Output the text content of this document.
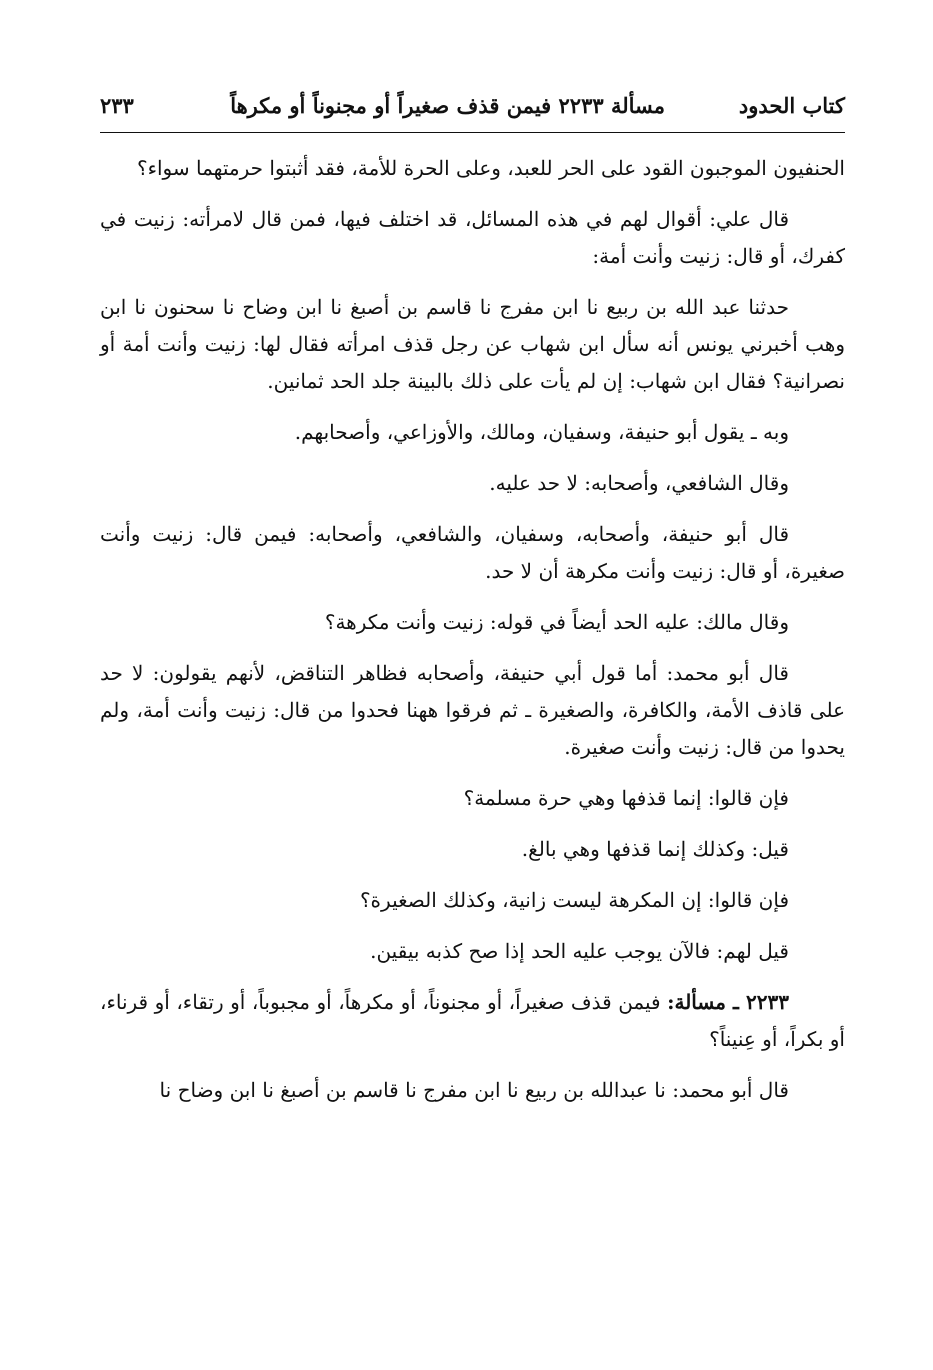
كتاب الحدود
مسألة ٢٢٣٣ فيمن قذف صغيراً أو مجنوناً أو مكرهاً
٢٣٣

الحنفيون الموجبون القود على الحر للعبد، وعلى الحرة للأمة، فقد أثبتوا حرمتهما سواء؟

قال علي: أقوال لهم في هذه المسائل، قد اختلف فيها، فمن قال لامرأته: زنيت في كفرك، أو قال: زنيت وأنت أمة:

حدثنا عبد الله بن ربيع نا ابن مفرج نا قاسم بن أصبغ نا ابن وضاح نا سحنون نا ابن وهب أخبرني يونس أنه سأل ابن شهاب عن رجل قذف امرأته فقال لها: زنيت وأنت أمة أو نصرانية؟ فقال ابن شهاب: إن لم يأت على ذلك بالبينة جلد الحد ثمانين.

وبه ـ يقول أبو حنيفة، وسفيان، ومالك، والأوزاعي، وأصحابهم.

وقال الشافعي، وأصحابه: لا حد عليه.

قال أبو حنيفة، وأصحابه، وسفيان، والشافعي، وأصحابه: فيمن قال: زنيت وأنت صغيرة، أو قال: زنيت وأنت مكرهة أن لا حد.

وقال مالك: عليه الحد أيضاً في قوله: زنيت وأنت مكرهة؟

قال أبو محمد: أما قول أبي حنيفة، وأصحابه فظاهر التناقض، لأنهم يقولون: لا حد على قاذف الأمة، والكافرة، والصغيرة ـ ثم فرقوا ههنا فحدوا من قال: زنيت وأنت أمة، ولم يحدوا من قال: زنيت وأنت صغيرة.

فإن قالوا: إنما قذفها وهي حرة مسلمة؟

قيل: وكذلك إنما قذفها وهي بالغ.

فإن قالوا: إن المكرهة ليست زانية، وكذلك الصغيرة؟

قيل لهم: فالآن يوجب عليه الحد إذا صح كذبه بيقين.

٢٢٣٣ ـ مسألة: فيمن قذف صغيراً، أو مجنوناً، أو مكرهاً، أو مجبوباً، أو رتقاء، أو قرناء، أو بكراً، أو عِنيناً؟

قال أبو محمد: نا عبدالله بن ربيع نا ابن مفرج نا قاسم بن أصبغ نا ابن وضاح نا
